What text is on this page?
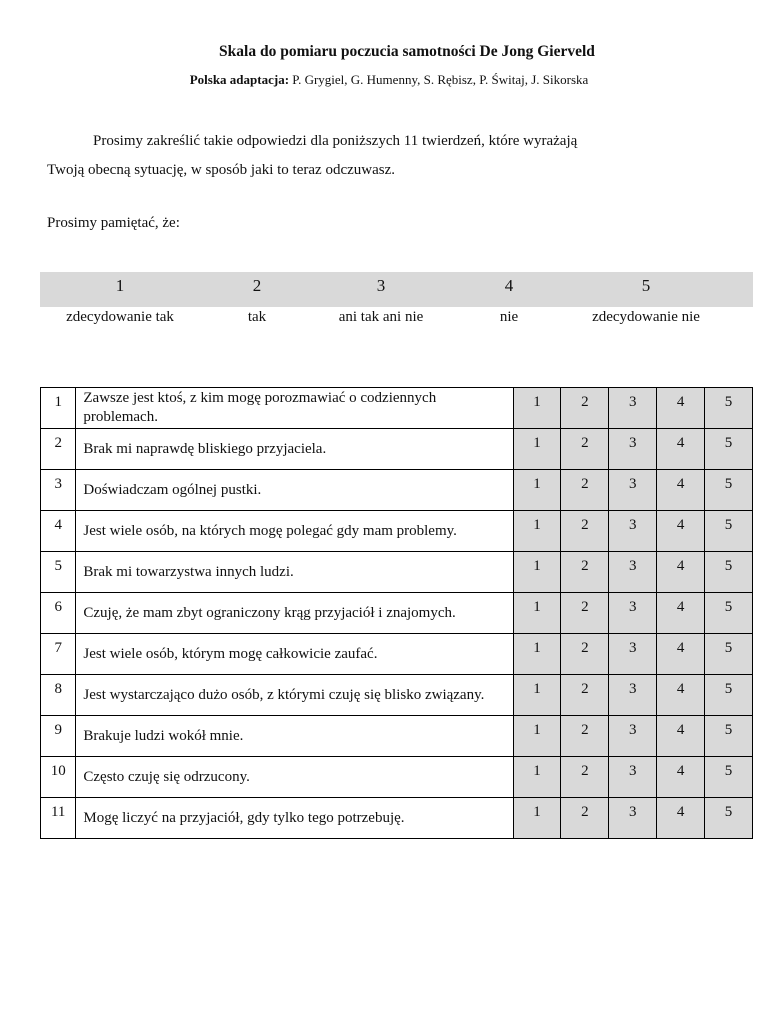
Skala do pomiaru poczucia samotności De Jong Gierveld
Polska adaptacja: P. Grygiel, G. Humenny, S. Rębisz, P. Świtaj, J. Sikorska
Prosimy zakreślić takie odpowiedzi dla poniższych 11 twierdzeń, które wyrażają
Twoją obecną sytuację, w sposób jaki to teraz odczuwasz.
Prosimy pamiętać, że:
1	2	3	4	5
zdecydowanie tak	tak	ani tak ani nie	nie	zdecydowanie nie
1	Zawsze jest ktoś, z kim mogę porozmawiać o codziennych problemach.	1	2	3	4	5
2	Brak mi naprawdę bliskiego przyjaciela.	1	2	3	4	5
3	Doświadczam ogólnej pustki.	1	2	3	4	5
4	Jest wiele osób, na których mogę polegać gdy mam problemy.	1	2	3	4	5
5	Brak mi towarzystwa innych ludzi.	1	2	3	4	5
6	Czuję, że mam zbyt ograniczony krąg przyjaciół i znajomych.	1	2	3	4	5
7	Jest wiele osób, którym mogę całkowicie zaufać.	1	2	3	4	5
8	Jest wystarczająco dużo osób, z którymi czuję się blisko związany.	1	2	3	4	5
9	Brakuje ludzi wokół mnie.	1	2	3	4	5
10	Często czuję się odrzucony.	1	2	3	4	5
11	Mogę liczyć na przyjaciół, gdy tylko tego potrzebuję.	1	2	3	4	5
